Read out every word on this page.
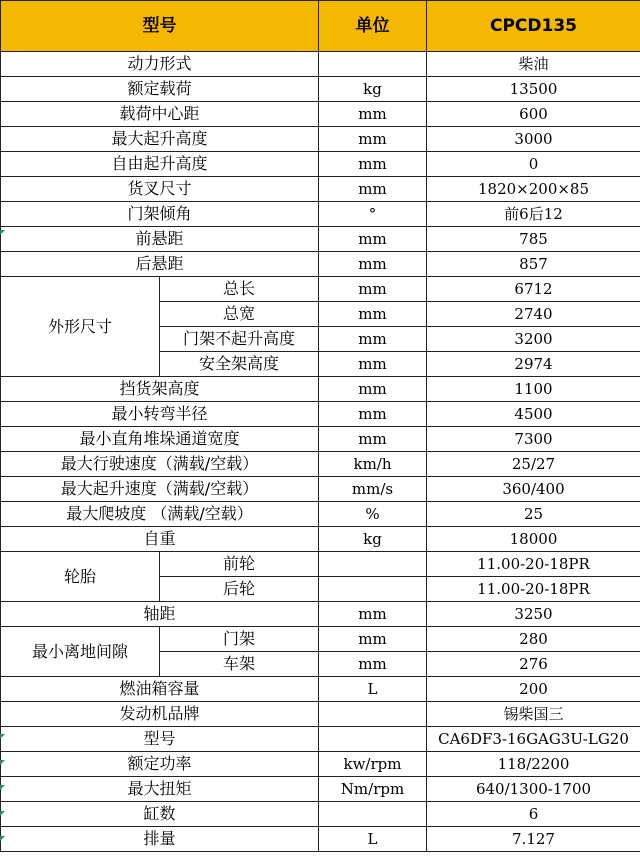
型号		单位	CPCD135
动力形式			柴油
额定载荷		kg	13500
载荷中心距		mm	600
最大起升高度		mm	3000
自由起升高度		mm	0
货叉尺寸		mm	1820×200×85
门架倾角		°	前6后12
前悬距		mm	785
后悬距		mm	857
外形尺寸	总长	mm	6712
	总宽	mm	2740
	门架不起升高度	mm	3200
	安全架高度	mm	2974
挡货架高度		mm	1100
最小转弯半径		mm	4500
最小直角堆垛通道宽度		mm	7300
最大行驶速度（满载/空载）		km/h	25/27
最大起升速度（满载/空载）		mm/s	360/400
最大爬坡度 （满载/空载）		%	25
自重		kg	18000
轮胎	前轮		11.00-20-18PR
	后轮		11.00-20-18PR
轴距		mm	3250
最小离地间隙	门架	mm	280
	车架	mm	276
燃油箱容量		L	200
发动机品牌			锡柴国三
型号			CA6DF3-16GAG3U-LG20
额定功率		kw/rpm	118/2200
最大扭矩		Nm/rpm	640/1300-1700
缸数			6
排量		L	7.127
